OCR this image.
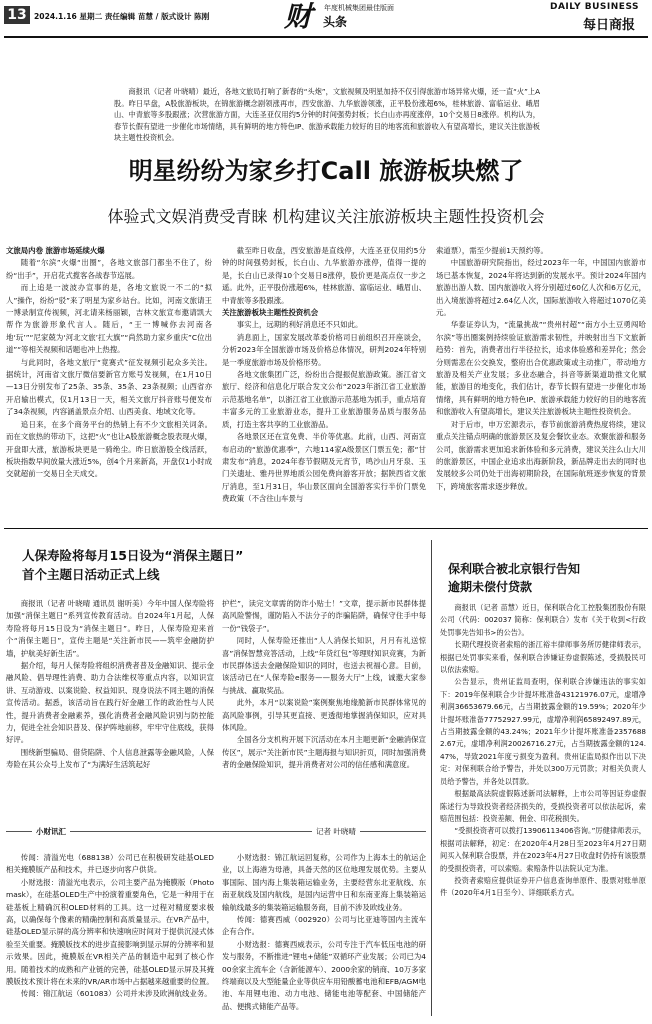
13 2024.1.16 星期二 责任编辑 苗慧 / 版式设计 陈刚	财 头条
年度机械集团最佳版面	DAILY BUSINESS
每日商报

商报讯（记者 叶晓晴）最近，各地文旅局打响了新春的“头炮”，文旅视频及明星加持不仅引得旅游市场异常火爆，还一直“火”上A股。昨日早盘，A股旅游板块，在锦旅游概念剧领涨再市，西安旅游、九华旅游领涨，正平股份涨超6%，桂林旅游、富临运业、峨眉山、中青旅等多股跟涨；次营旅游方面，大连圣亚仅用约5分钟的时间强势封板；长白山亦再度涨停，10个交易日8涨停。机构认为，春节长假有望进一步催化市场情绪，具有鲜明的地方特色IP、旅游承载能力较好的目的地客流和旅游收入有望高增长，建议关注旅游板块主题性投资机会。

明星纷纷为家乡打Call 旅游板块燃了
体验式文娱消费受青睐 机构建议关注旅游板块主题性投资机会

文旅局内卷 旅游市场延续火爆

随着“尔滨”火爆“出圈”，各地文旅部门都坐不住了，纷纷“出手”，开启花式揽客各战春节巡展。

而上追是一波波办宣事的是，各地文旅说一不二的“拟人”操作，纷纷“驳”来了明星为家乡站台。比如，河南文旅请王一博录制宣传视频，河北请来杨丽颖，吉林文旅宣布邀请凯大帮作为旅游形象代言人。随后，“王一博喊你去河南各地‘玩’”“尼家兢为‘河北文旅’扛大旗”“尚然助力家乡重庆”C位出道”“等相关视频和话题也冲上热搜。

与此同时，各地文旅厅“竟赛式”征发视频引起众多关注。据统计，河南省文旅厅微信要新官方账号发视频，在1月10日—13日分别发布了25条、35条、35条、23条视频；山西省亦开启输出模式，仅1月13日一天，相关文旅厅抖音账号便发布了34条视频，内容涵盖景点介绍、山西美食、地域文化等。

追日来，在多个商务平台的热销上有不少文旅相关词条。而在文旅热的带动下，这把“火”也让A股旅游概念股表现火爆，开盘即大涨，旅游板块更是一骑绝尘。昨日旅游股全线活跃，板块指数早间放量大涨近5%，创4个月来新高，开盘仅1小时成交就超前一交易日全天成交。

截至昨日收盘，西安旅游是直线停，大连圣亚仅用约5分钟的时间强势封板，长白山、九华旅游亦涨停，值得一提的是，长白山已录得10个交易日8涨停，股价更是高点仅一步之遥。此外，正平股份涨超6%，桂林旅游、富临运业、峨眉山、中青旅等多股跟涨。

关注旅游板块主题性投资机会

事实上，远期的利好消息还不只如此。

消息面上，国家发展改革委价格司日前组织召开座谈会，分析2023年全国旅游市场及价格总体情况，研判2024年特别是一季度旅游市场及价格形势。

各地文旅集团广泛，纷纷出合提振促旅游政策。浙江省文旅厅、经济和信息化厅联合发文公布“2023年浙江省工业旅游示范基地名单”，以浙江省工业旅游示范基地为抓手，重点培育丰富多元的工业旅游业态，提升工业旅游服务品质与服务品质，打造主客共享的工业旅游品。

各地景区还在宣免费、半价等优惠。此前，山西、河南宣布启动的“旅游优惠季”，六地114家A级景区门票五免；都“甘肃发布”消息，2024年春节假期及元宵节，鸣沙山月牙泉、玉门关遗址、雅丹世界地质公园免费向游客开放；据陕西省文旅厅消息，至1月31日，华山景区面向全国游客实行半价门票免费政策（不含往山车景与

索道票），需至少提前1天预约等。

中国旅游研究院指出，经过2023年一年，中国国内旅游市场已基本恢复，2024年将达到新的发展水平。预计2024年国内旅游出游人数、国内旅游收入将分别超过60亿人次和6万亿元，出入境旅游将超过2.64亿人次，国际旅游收入将超过1070亿美元。

华泰证券认为，“流量挑战”“贵州村超”“南方小土豆勇闯哈尔滨”等出圈案例持续验证旅游需求韧性，并映射出当下文旅新趋势：首先，消费者出行半径拉长，追求体验感和差异化；然会分则需悲在公交换发，整府出合优惠政策或主动推广，带动地方旅游及相关产业发展；多业态融合，抖音等新渠道助推文化赋能，旅游目的地变化，我们估计，春节长假有望进一步催化市场情绪，具有鲜明的地方特色IP、旅游承载能力较好的目的地客流和旅游收入有望高增长，建议关注旅游板块主题性投资机会。

对于后市，申万宏源表示，春节前旅游消费热度将续，建议重点关注锚点明确的旅游景区及复会餐饮业态。欢聚旅游和服务公司，旅游需求更加追求新体验和多元消费，建议关注么山大川的旅游景区，中国企业追求出海新阶段，新品牌走出去的同时也发展较多公司仍处于出海初期阶段，在国际航班逐步恢复的背景下，跨境旅客需求逐步释放。

人保寿险将每月15日设为“消保主题日”
首个主题日活动正式上线

商报讯（记者 叶晓晴 通讯员 谢听美）今年中国人保寿险将加强“消保主题日”系列宣传教育活动。自2024年1月起，人保寿险将每月15日设为“消保主题日”。昨日，人保寿险迎来首个“消保主题日”，宣传主题是“关注新市民——筑牢金融防护墙，护航美好新生活”。

据介绍，每月人保寿险将组织消费者普及金融知识、提示金融风险、倡导理性消费、助力合法维权等重点内容，以知识宣讲、互动游戏、以案说险、权益知识、现身说法不同主题的消保宣传活动。据悉，该活动旨在践行好金融工作的政治性与人民性，提升消费者金融素养，强化消费者金融风险识别与防控能力，促进全社会知识普及、保护阵地前移，牢牢守住底线，获得好评。

围绕新型骗局、借贷陷阱、个人信息泄露等金融风险，人保寿险在其公众号上发布了“为满好生活筑起好

护栏”，读完文章需的防诈小贴士！”文章，提示新市民群体提高风险警惕，谨防陷入不法分子的诈骗陷阱，确保守住手中每一份“钱袋子”。

同时，人保寿险还推出“人人消保长知识，月月有礼送惊喜”消保智慧竞答活动，上线“年货红包”等理财知识竞赛，为新市民群体送去金融保险知识的同时，也送去祝福心意。目前，该活动已在“人保寿险e服务——服务大厅”上线，诚邀大家参与挑战、赢取奖品。

此外，本月“以案说险”案例聚焦地缘脆新市民群体常见的高风险事例，引导其更直接、更透彻地掌握消保知识，应对具体风险。

全国各分支机构开展下沉活动在本月主题更新“金融消保宣传区”，展示“关注新市民”主题海报与知识折页，同时加强消费者的金融保险知识，提升消费者对公司的信任感和满意度。

保利联合被北京银行告知
逾期未偿付贷款

商报讯（记者 苗慧）近日，保利联合化工控股集团股份有限公司（代码：002037 简称：保利联合）发布《关于收到<行政处罚事先告知书>的公告》。

长期代理投资者索赔的浙江裕丰律师事务所厉健律师表示，根据已处罚事实来看，保利联合涉嫌证券虚假陈述，受损股民可以依法索赔。

公告显示，贵州证监局查明，保利联合涉嫌违法的事实如下：2019年保利联合少计提坏账准备43121976.07元，虚增净利润36653679.66元，占当期披露金额的19.59%；2020年少计提坏账准备77752927.99元，虚增净利润65892497.89元，占当期披露金额的43.24%；2021年少计提坏账准备23576882.67元，虚增净利润20026716.27元，占当期披露金额的124.47%，导致2021年度亏损变为盈利。贵州证监局拟作出以下决定：对保利联合给予警告，并处以300万元罚款；对相关负责人员给予警告，并各处以罚款。

根据最高法院虚假陈述新司法解释，上市公司等因证券虚假陈述行为导致投资者经济损失的，受损投资者可以依法起诉，索赔范围包括：投资差额、佣金、印花税损失。

“受损投资者可以拨打13906113406咨询。”厉健律师表示，根据司法解释，初定：在2020年4月28日至2023年4月27日期间买入保利联合股票，并在2023年4月27日收盘时仍持有该股票的受损投资者，可以索赔。索赔条件以法院认定为准。

投资者索赔应提供证券开户信息查询单原件、股票对账单原件（2020年4月1日至今）、详细联系方式。

小财讯汇	记者 叶晓晴

传闻：清溢光电（688138）公司已在积极研发硅基OLED相关掩膜版产品和技术，并已逐步向客户供货。

小财选报：清溢光电表示，公司主要产品为掩膜版（Photomask），在硅基OLED生产中扮演着重要角色，它是一种用于在硅基板上精确沉积OLED材料的工具。这一过程对精度要求极高，以确保每个像素的精确控制和高质量显示。在VR产品中，硅基OLED显示屏的高分辨率和快速响应时间对于提供沉浸式体验至关重要。掩膜版技术的进步直接影响到显示屏的分辨率和显示效果。因此，掩膜版在VR相关产品的制造中起到了核心作用。随着技术的成熟和产业链的完善，硅基OLED显示屏及其掩膜版技术预计将在未来的VR/AR市场中占据越来越重要的位置。

传闻：锦江航运（601083）公司并未涉及欧洲航线业务。

小财选报：锦江航运回复称，公司作为上海本土的航运企业，以上海港为母港，具备天然的区位地理发展优势。主要从事国际、国内海上集装箱运输业务，主要经营东北亚航线、东南亚航线及国内航线，是国内运营中日和东南亚海上集装箱运输航线最多的集装箱运输服务商，目前不涉及欧线业务。

传闻：德赛西威（002920）公司与比亚迪等国内主流车企有合作。

小财选报：德赛西威表示，公司专注于汽车低压电池的研发与服务，不断推进“锂电+储能”双循环产业发展；公司已为400余家主流车企（含新能源车）、2000余家的销商、10万多家终端商以及大型能量企业等供应车用铅酸蓄电池和EFB/AGM电池、车用锂电池、动力电池、储能电池等配套、中国储能产品、便携式储能产品等。
